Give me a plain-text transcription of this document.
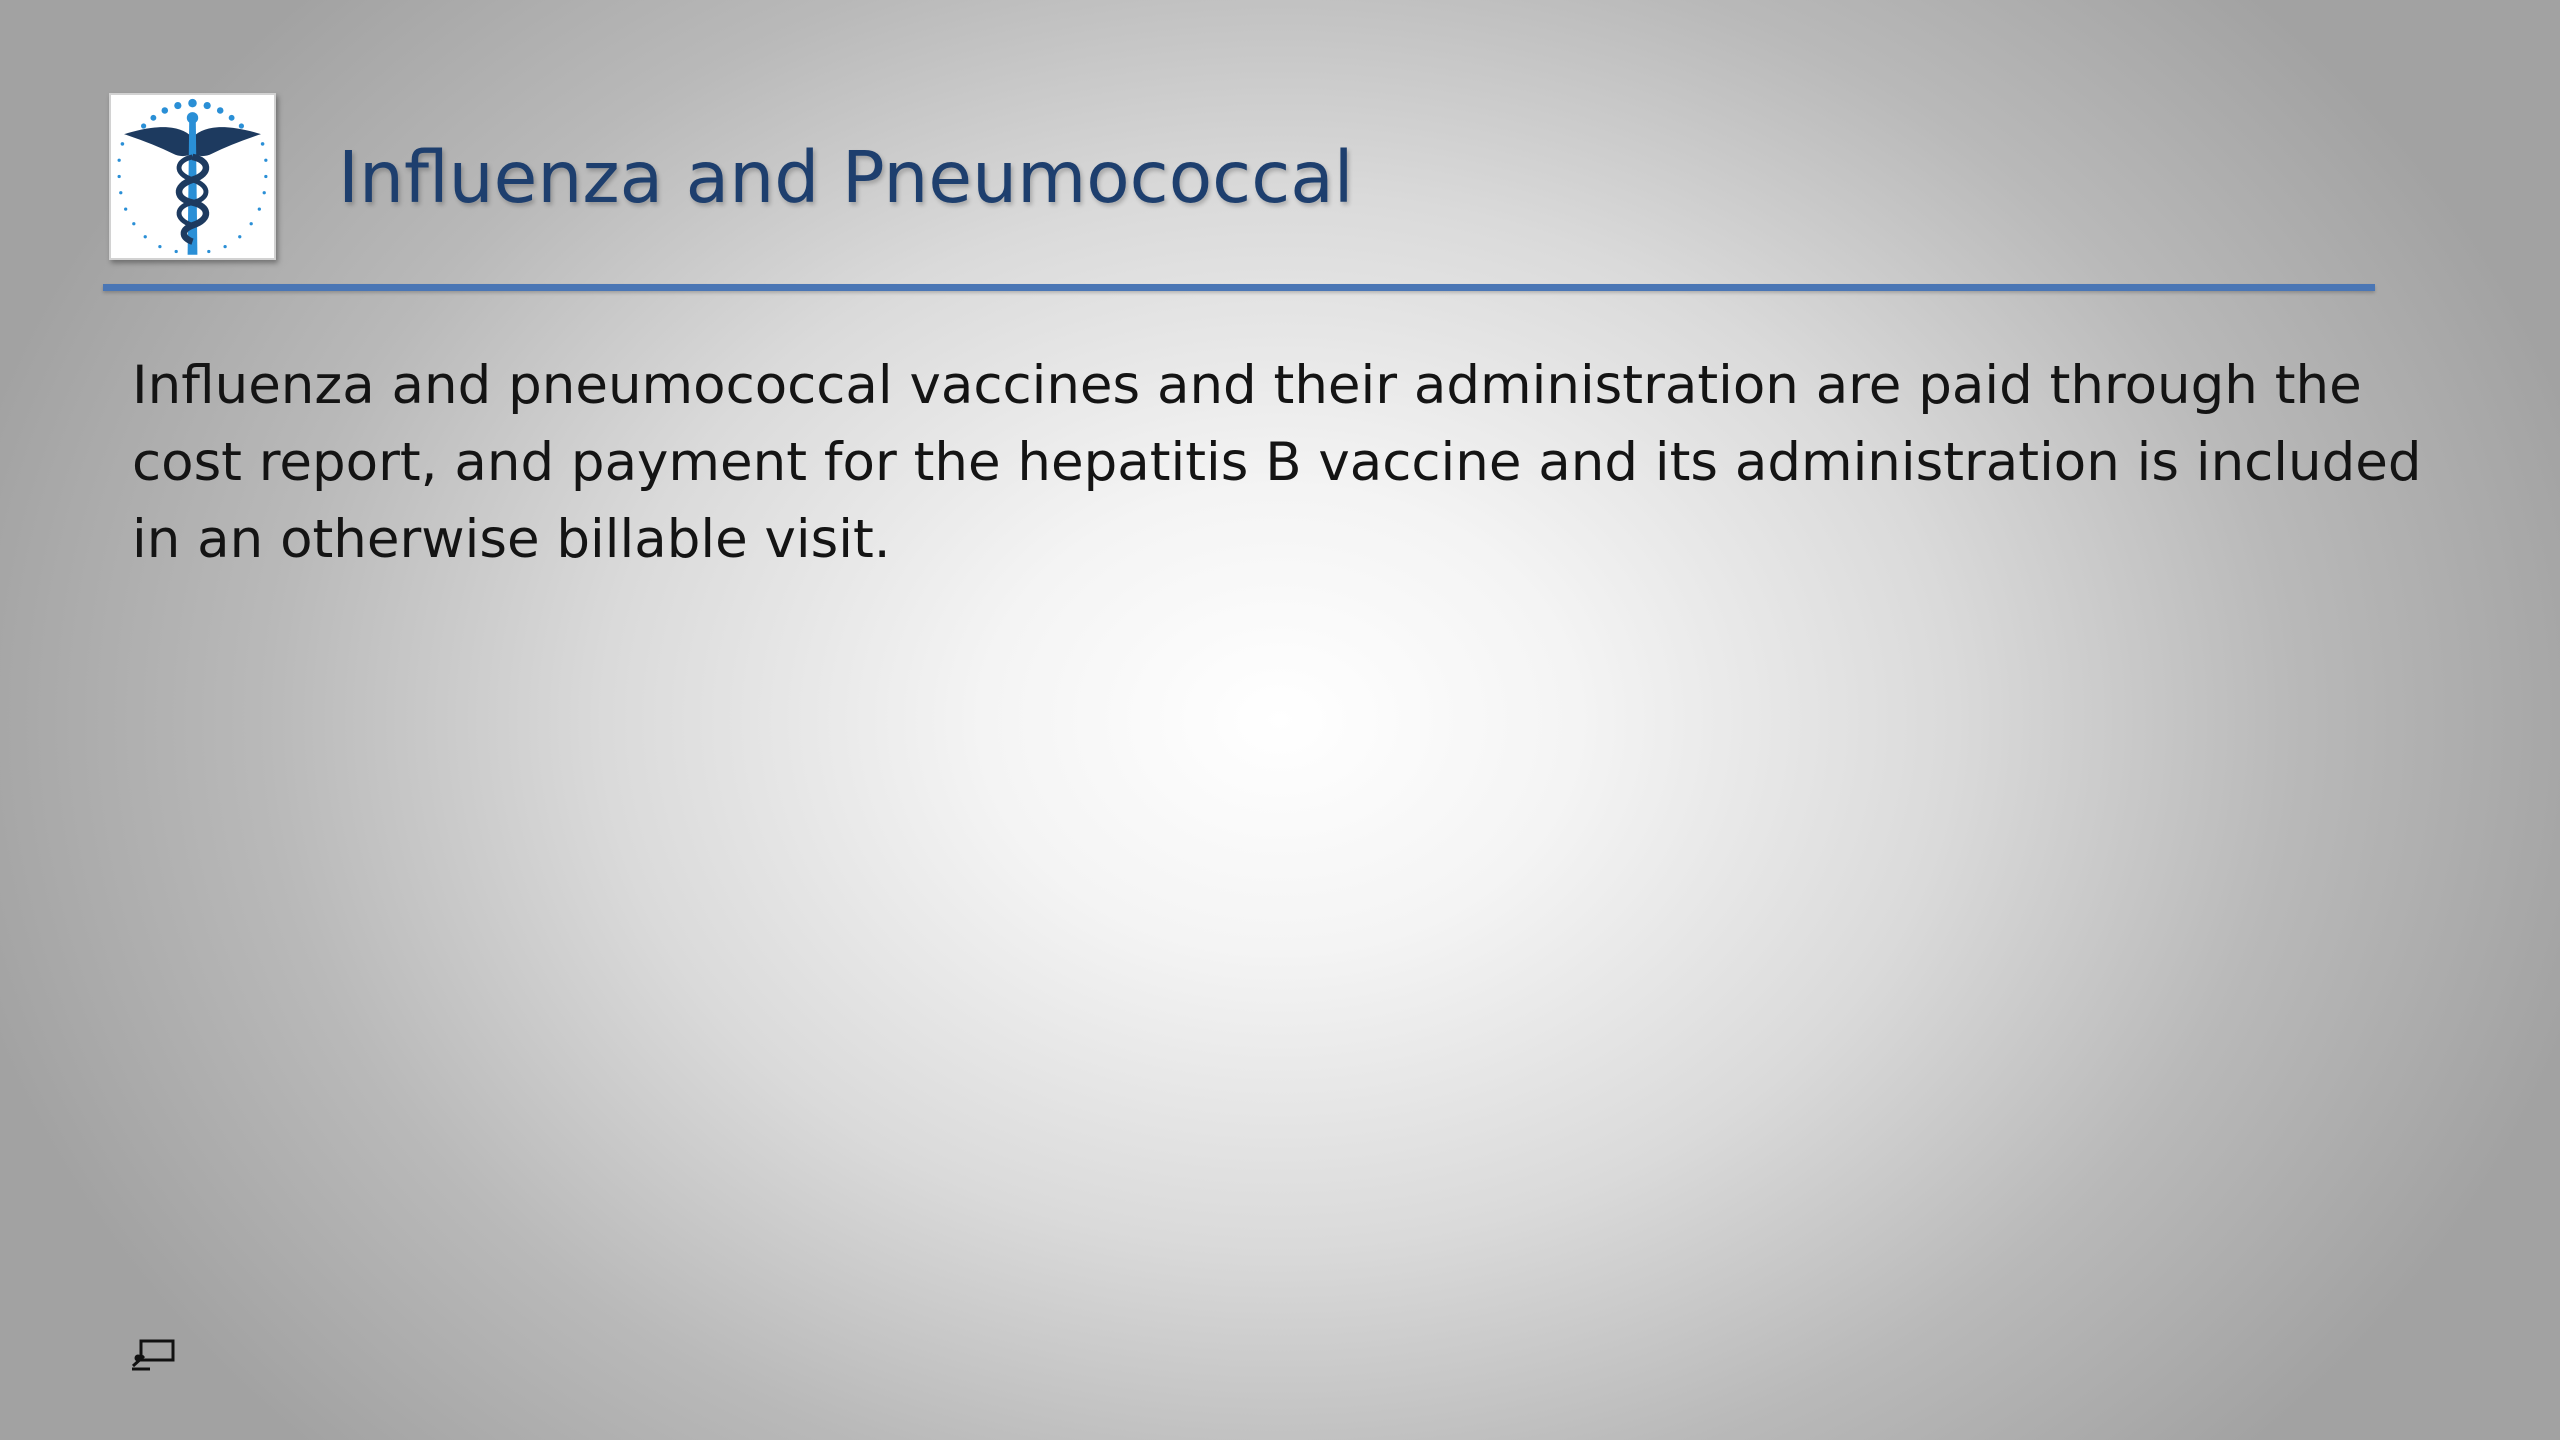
Influenza and Pneumococcal
Influenza and pneumococcal vaccines and their administration are paid through the
cost report, and payment for the hepatitis B vaccine and its administration is included
in an otherwise billable visit.
